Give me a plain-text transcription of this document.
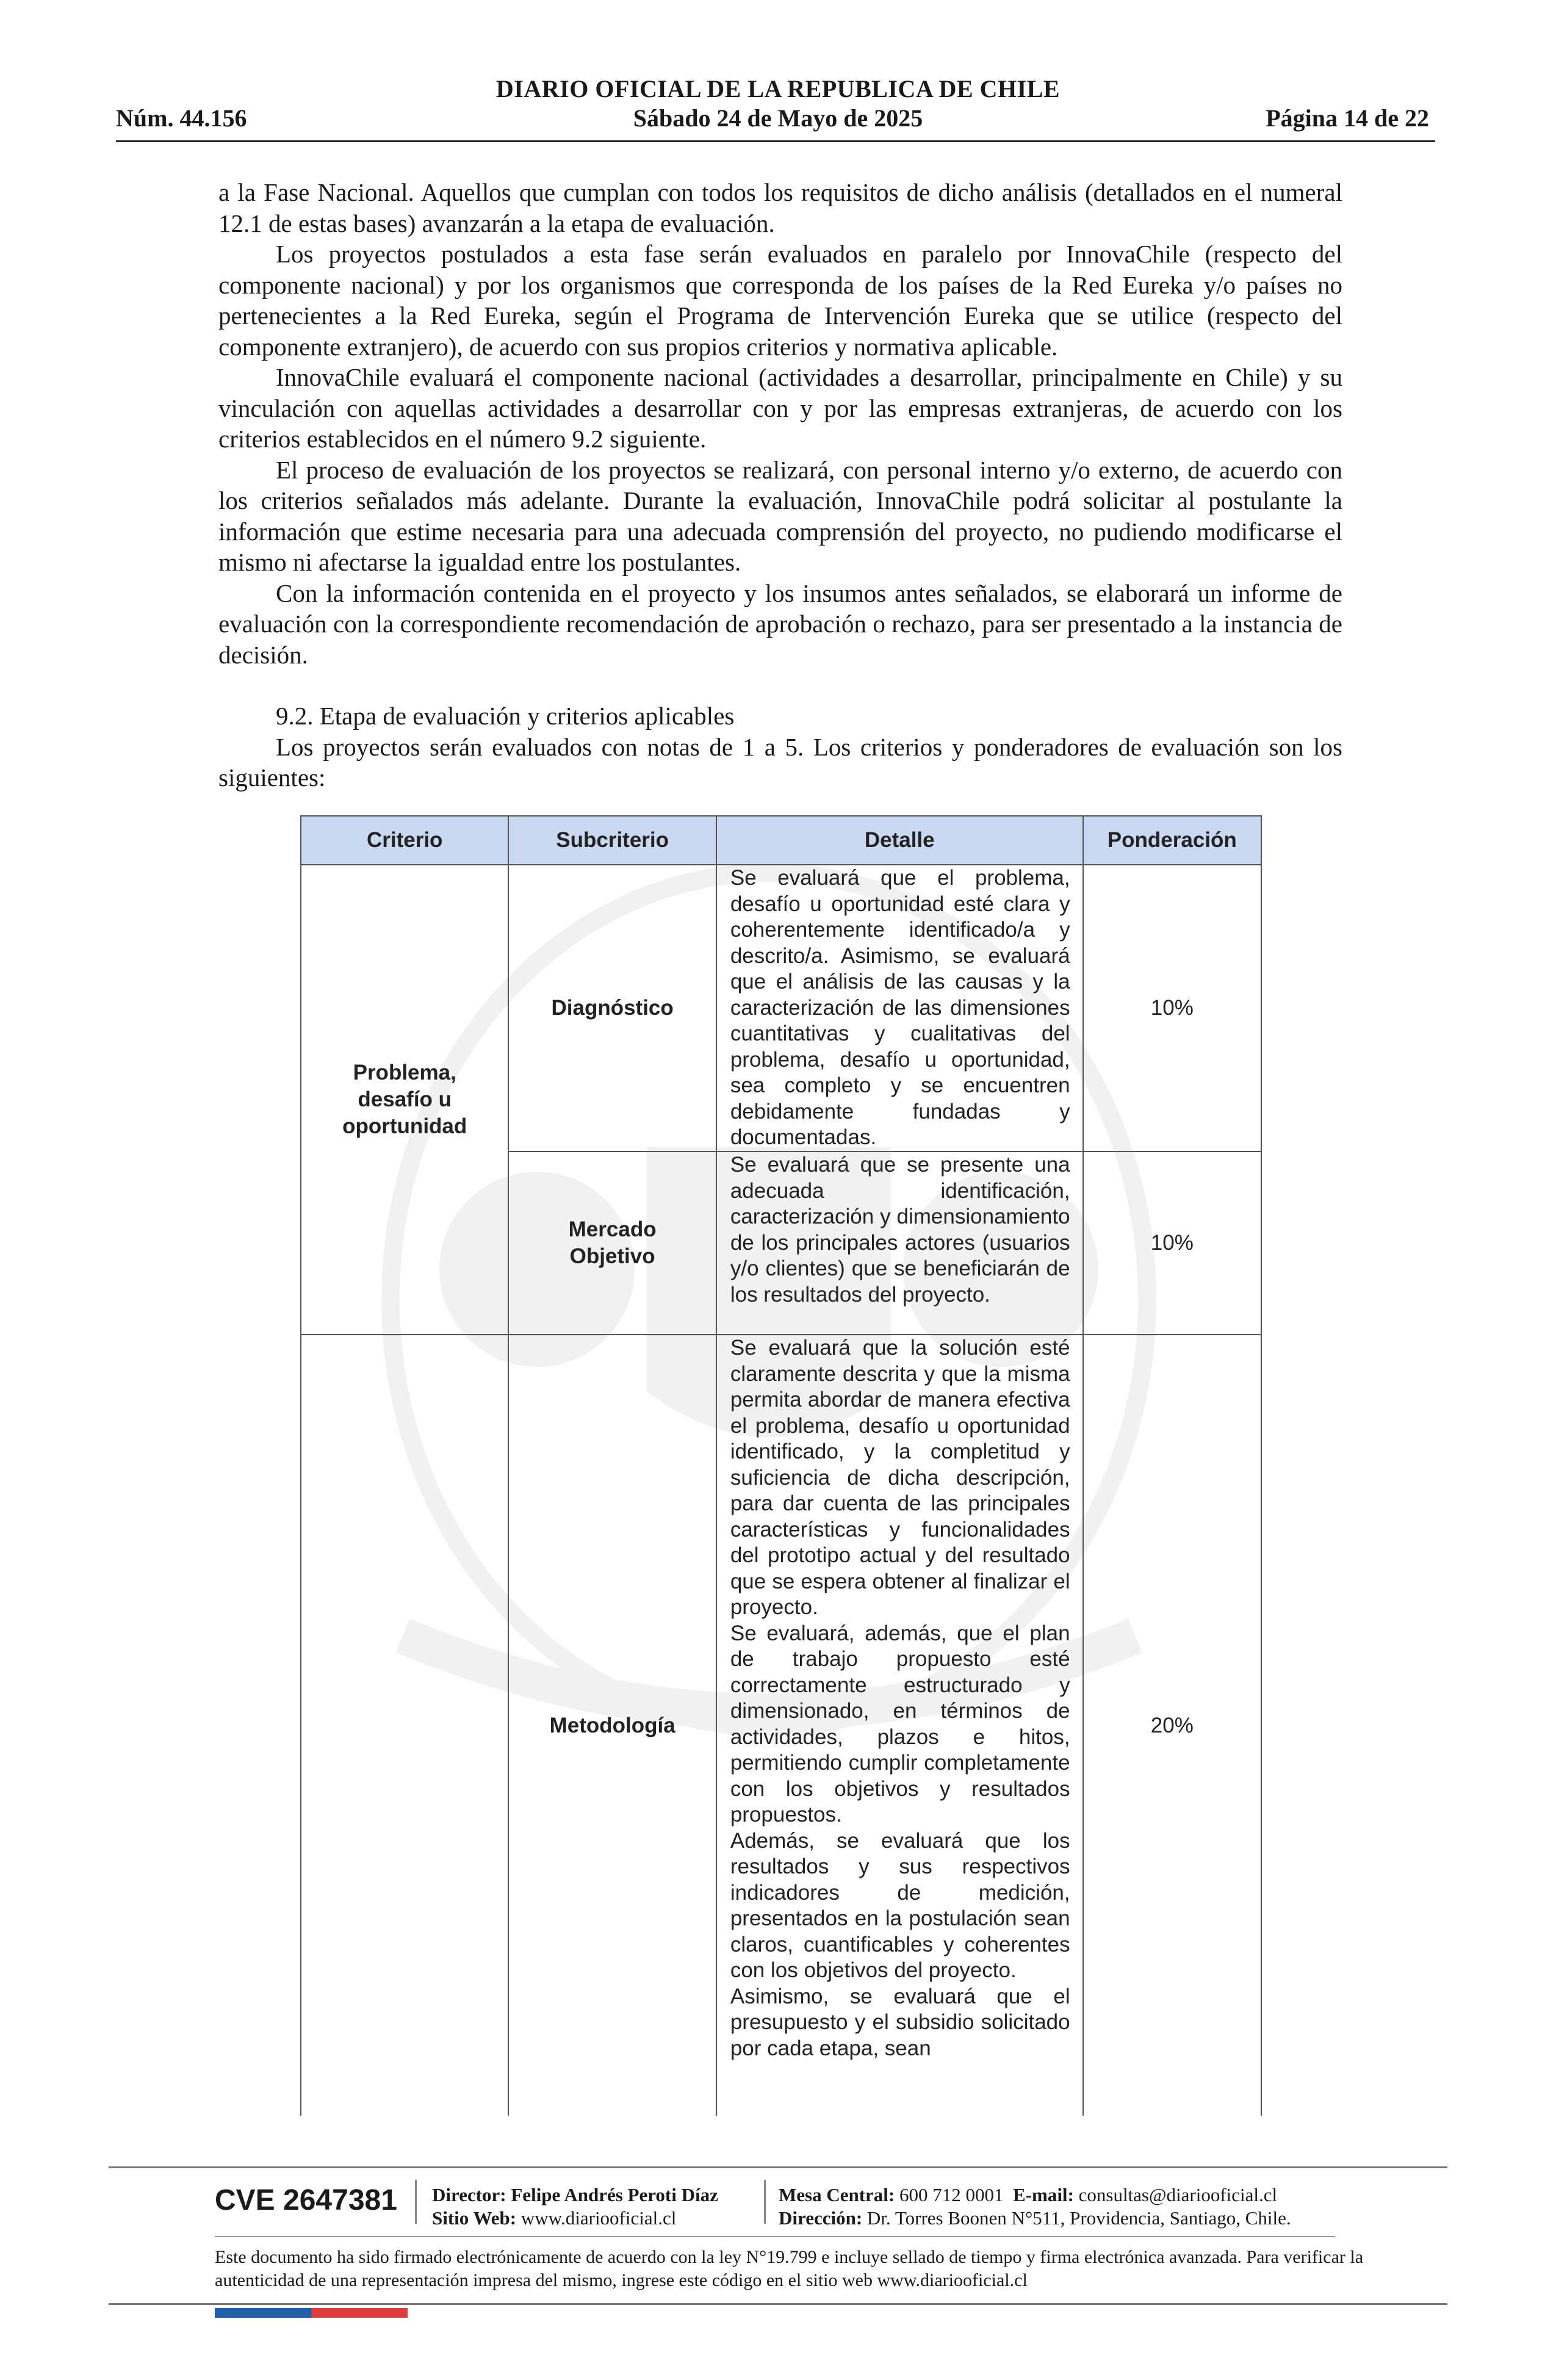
DIARIO OFICIAL DE LA REPUBLICA DE CHILE
Núm. 44.156	Sábado 24 de Mayo de 2025	Página 14 de 22

a la Fase Nacional. Aquellos que cumplan con todos los requisitos de dicho análisis (detallados en el numeral 12.1 de estas bases) avanzarán a la etapa de evaluación.

Los proyectos postulados a esta fase serán evaluados en paralelo por InnovaChile (respecto del componente nacional) y por los organismos que corresponda de los países de la Red Eureka y/o países no pertenecientes a la Red Eureka, según el Programa de Intervención Eureka que se utilice (respecto del componente extranjero), de acuerdo con sus propios criterios y normativa aplicable.

InnovaChile evaluará el componente nacional (actividades a desarrollar, principalmente en Chile) y su vinculación con aquellas actividades a desarrollar con y por las empresas extranjeras, de acuerdo con los criterios establecidos en el número 9.2 siguiente.

El proceso de evaluación de los proyectos se realizará, con personal interno y/o externo, de acuerdo con los criterios señalados más adelante. Durante la evaluación, InnovaChile podrá solicitar al postulante la información que estime necesaria para una adecuada comprensión del proyecto, no pudiendo modificarse el mismo ni afectarse la igualdad entre los postulantes.

Con la información contenida en el proyecto y los insumos antes señalados, se elaborará un informe de evaluación con la correspondiente recomendación de aprobación o rechazo, para ser presentado a la instancia de decisión.

9.2. Etapa de evaluación y criterios aplicables

Los proyectos serán evaluados con notas de 1 a 5. Los criterios y ponderadores de evaluación son los siguientes:

Criterio	Subcriterio	Detalle	Ponderación

Problema, desafío u oportunidad	Diagnóstico	Se evaluará que el problema, desafío u oportunidad esté clara y coherentemente identificado/a y descrito/a. Asimismo, se evaluará que el análisis de las causas y la caracterización de las dimensiones cuantitativas y cualitativas del problema, desafío u oportunidad, sea completo y se encuentren debidamente fundadas y documentadas.	10%

	Mercado Objetivo	Se evaluará que se presente una adecuada identificación, caracterización y dimensionamiento de los principales actores (usuarios y/o clientes) que se beneficiarán de los resultados del proyecto.	10%
	Metodología	Se evaluará que la solución esté claramente descrita y que la misma permita abordar de manera efectiva el problema, desafío u oportunidad identificado, y la completitud y suficiencia de dicha descripción, para dar cuenta de las principales características y funcionalidades del prototipo actual y del resultado que se espera obtener al finalizar el proyecto.

Se evaluará, además, que el plan de trabajo propuesto esté correctamente estructurado y dimensionado, en términos de actividades, plazos e hitos, permitiendo cumplir completamente con los objetivos y resultados propuestos.

Además, se evaluará que los resultados y sus respectivos indicadores de medición, presentados en la postulación sean claros, cuantificables y coherentes con los objetivos del proyecto.

Asimismo, se evaluará que el presupuesto y el subsidio solicitado por cada etapa, sean	20%
CVE 2647381 Director: Felipe Andrés Peroti Díaz
Sitio Web: www.diariooficial.cl
Mesa Central: 600 712 0001 E-mail: consultas@diariooficial.cl
Dirección: Dr. Torres Boonen N°511, Providencia, Santiago, Chile.
Este documento ha sido firmado electrónicamente de acuerdo con la ley N°19.799 e incluye sellado de tiempo y firma electrónica avanzada. Para verificar la autenticidad de una representación impresa del mismo, ingrese este código en el sitio web www.diariooficial.cl
